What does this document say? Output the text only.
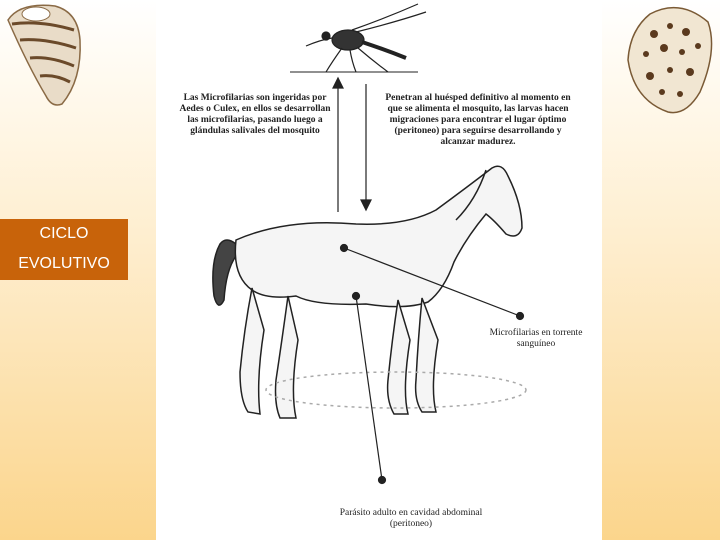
CICLO
EVOLUTIVO
Las Microfilarias son ingeridas por Aedes o Culex, en ellos se desarrollan las microfilarias, pasando luego a glándulas salivales del mosquito
Penetran al huésped definitivo al momento en que se alimenta el mosquito, las larvas hacen migraciones para encontrar el lugar óptimo (peritoneo) para seguirse desarrollando y alcanzar madurez.
Microfilarias en torrente sanguíneo
Parásito adulto en cavidad abdominal (peritoneo)
